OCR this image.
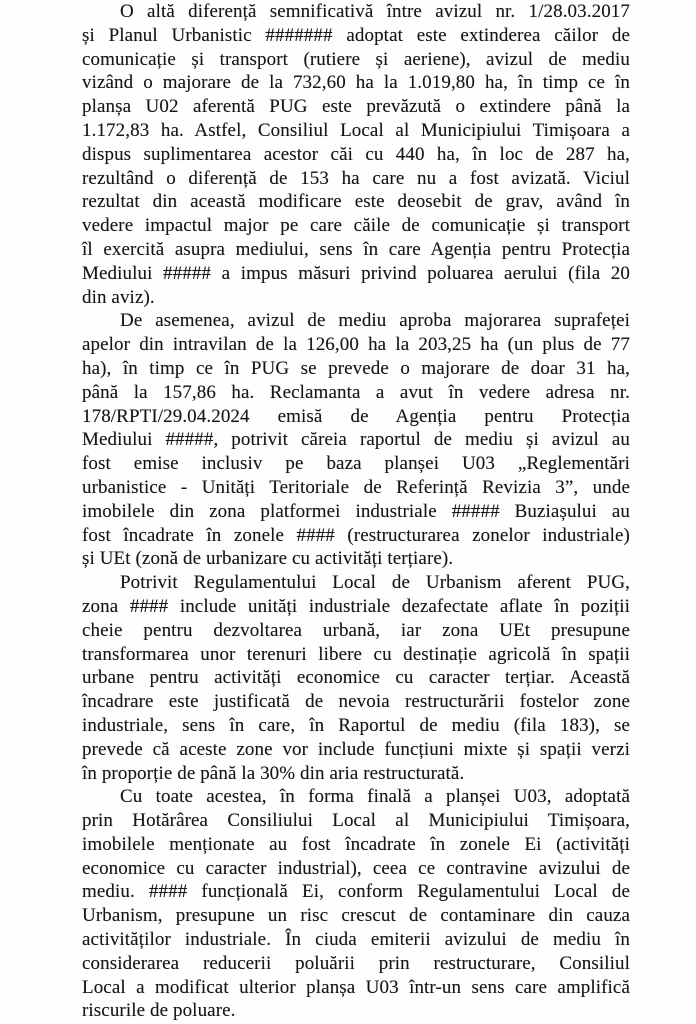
O altă diferență semnificativă între avizul nr. 1/28.03.2017
și Planul Urbanistic ####### adoptat este extinderea căilor de
comunicație și transport (rutiere și aeriene), avizul de mediu
vizând o majorare de la 732,60 ha la 1.019,80 ha, în timp ce în
planșa U02 aferentă PUG este prevăzută o extindere până la
1.172,83 ha. Astfel, Consiliul Local al Municipiului Timișoara a
dispus suplimentarea acestor căi cu 440 ha, în loc de 287 ha,
rezultând o diferență de 153 ha care nu a fost avizată. Viciul
rezultat din această modificare este deosebit de grav, având în
vedere impactul major pe care căile de comunicație și transport
îl exercită asupra mediului, sens în care Agenția pentru Protecția
Mediului ##### a impus măsuri privind poluarea aerului (fila 20
din aviz).
De asemenea, avizul de mediu aproba majorarea suprafeței
apelor din intravilan de la 126,00 ha la 203,25 ha (un plus de 77
ha), în timp ce în PUG se prevede o majorare de doar 31 ha,
până la 157,86 ha. Reclamanta a avut în vedere adresa nr.
178/RPTI/29.04.2024 emisă de Agenția pentru Protecția
Mediului #####, potrivit căreia raportul de mediu și avizul au
fost emise inclusiv pe baza planșei U03 „Reglementări
urbanistice - Unități Teritoriale de Referință Revizia 3”, unde
imobilele din zona platformei industriale ##### Buziașului au
fost încadrate în zonele #### (restructurarea zonelor industriale)
și UEt (zonă de urbanizare cu activități terțiare).
Potrivit Regulamentului Local de Urbanism aferent PUG,
zona #### include unități industriale dezafectate aflate în poziții
cheie pentru dezvoltarea urbană, iar zona UEt presupune
transformarea unor terenuri libere cu destinație agricolă în spații
urbane pentru activități economice cu caracter terțiar. Această
încadrare este justificată de nevoia restructurării fostelor zone
industriale, sens în care, în Raportul de mediu (fila 183), se
prevede că aceste zone vor include funcțiuni mixte și spații verzi
în proporție de până la 30% din aria restructurată.
Cu toate acestea, în forma finală a planșei U03, adoptată
prin Hotărârea Consiliului Local al Municipiului Timișoara,
imobilele menționate au fost încadrate în zonele Ei (activități
economice cu caracter industrial), ceea ce contravine avizului de
mediu. #### funcțională Ei, conform Regulamentului Local de
Urbanism, presupune un risc crescut de contaminare din cauza
activităților industriale. În ciuda emiterii avizului de mediu în
considerarea reducerii poluării prin restructurare, Consiliul
Local a modificat ulterior planșa U03 într-un sens care amplifică
riscurile de poluare.
